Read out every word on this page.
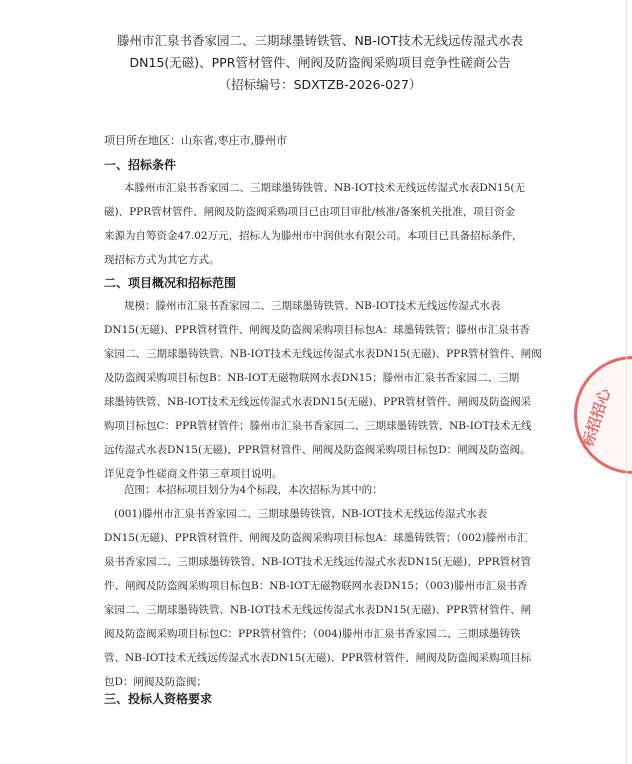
滕州市汇泉书香家园二、三期球墨铸铁管、NB-IOT技术无线远传湿式水表
DN15(无磁)、PPR管材管件、闸阀及防盗阀采购项目竞争性磋商公告
（招标编号：SDXTZB-2026-027）
项目所在地区：山东省,枣庄市,滕州市
一、招标条件
本滕州市汇泉书香家园二、三期球墨铸铁管、NB-IOT技术无线远传湿式水表DN15(无
磁)、PPR管材管件、闸阀及防盗阀采购项目已由项目审批/核准/备案机关批准，项目资金
来源为自筹资金47.02万元，招标人为滕州市中润供水有限公司。本项目已具备招标条件，
现招标方式为其它方式。
二、项目概况和招标范围
规模：滕州市汇泉书香家园二、三期球墨铸铁管、NB-IOT技术无线远传湿式水表
DN15(无磁)、PPR管材管件、闸阀及防盗阀采购项目标包A：球墨铸铁管；滕州市汇泉书香
家园二、三期球墨铸铁管、NB-IOT技术无线远传湿式水表DN15(无磁)、PPR管材管件、闸阀
及防盗阀采购项目标包B：NB-IOT无磁物联网水表DN15；滕州市汇泉书香家园二、三期
球墨铸铁管、NB-IOT技术无线远传湿式水表DN15(无磁)、PPR管材管件、闸阀及防盗阀采
购项目标包C：PPR管材管件；滕州市汇泉书香家园二、三期球墨铸铁管、NB-IOT技术无线
远传湿式水表DN15(无磁)、PPR管材管件、闸阀及防盗阀采购项目标包D：闸阀及防盗阀。
详见竞争性磋商文件第三章项目说明。
范围：本招标项目划分为4个标段，本次招标为其中的：
(001)滕州市汇泉书香家园二、三期球墨铸铁管、NB-IOT技术无线远传湿式水表
DN15(无磁)、PPR管材管件、闸阀及防盗阀采购项目标包A：球墨铸铁管；（002)滕州市汇
泉书香家园二、三期球墨铸铁管、NB-IOT技术无线远传湿式水表DN15(无磁)、PPR管材管
件、闸阀及防盗阀采购项目标包B：NB-IOT无磁物联网水表DN15；（003)滕州市汇泉书香
家园二、三期球墨铸铁管、NB-IOT技术无线远传湿式水表DN15(无磁)、PPR管材管件、闸
阀及防盗阀采购项目标包C：PPR管材管件；（004)滕州市汇泉书香家园二、三期球墨铸铁
管、NB-IOT技术无线远传湿式水表DN15(无磁)、PPR管材管件、闸阀及防盗阀采购项目标
包D：闸阀及防盗阀；
三、投标人资格要求
标招招心
